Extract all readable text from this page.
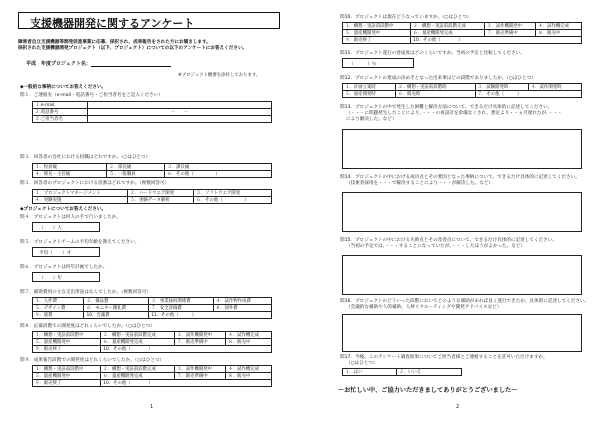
支援機器開発に関するアンケート
障害者自立支援機器等開発促進事業に応募、採択され、成果報告をされた方にお聞きします。
採択された支援機器開発プロジェクト（以下、プロジェクト）についての以下のアンケートにお答えください。
平成　年度プロジェクト名：
※プロジェクト概要を添付しております。
◆一般的な事柄についてお答えください。
問１．ご連絡先（e-mail・電話番号・ご担当者名をご記入ください）
１.e-mail	
２.電話番号	－　　－
３.ご担当者名	
問２．回答者の会社における役職はどれですか。（○はひとつ）
１．役員級	２．部長級	３．課長級
４．係長・主任級	５．一般職員	６．その他（　　　　　）
問３．回答者のプロジェクトにおける役割はどれですか。（複数回答可）
１．プロジェクトマネージメント	２．ハードウエア開発	３．ソフトウエア開発
４．実験実施	５．実験データ解析	６．その他（　　　　　）
◆プロジェクトについてお答えください。
問４．プロジェクトは何人の手で行いましたか。
（　　）人
問５．プロジェクトチームの平均年齢を教えてください。
平均（　　）才
問６．プロジェクトは何年計画でしたか。
（　　）年
問７．補助費用の主な支出用途はなんでしたか。（複数回答可）
１．人件費	２．備品費	３．事業採択関係費	４．試作物作成費
５．デザイン費	６．モニター謝礼費	７．安全評価費	８．国外費
９．旅費	10．会議費	11．その他（　　　）	
問８．応募段階での開発度はどれくらいでしたか。（○はひとつ）
１．構想・実証前段階中	２．構想・実証前段階完成	３．試作機開発中	４．試作機完成
５．量産機開発中	６．量産機開発完成	７．販売準備中	８．販売中
９．販売終了	10．その他（　　　　）		
問９．成果報告段階での開発度はどれくらいでしたか。（○はひとつ）
１．構想・実証前段階中	２．構想・実証前段階完成	３．試作機開発中	４．試作機完成
５．量産機開発中	６．量産機開発完成	７．販売準備中	８．販売中
９．販売終了	10．その他（　　　　）		
1
問10．プロジェクトは現在どうなっていますか。（○はひとつ）
１．構想・実証前段階中	２．構想・実証前段階完成	３．試作機開発中	４．試作機完成
５．量産機開発中	６．量産機開発完成	７．販売準備中	８．販売中
９．販売終了	10．その他（　　　　）		
問11．プロジェクト遂行の達成度はどのくらいですか。当初の予定と比較してください。
（　　　）％
問12．プロジェクトの達成の決め手となった出来事はどの段階でありましたか。（○はひとつ）
１．計画立案時	２．構想・実証前段階時	３．試験開発時	４．試作開発時
５．量産開発時	６．販売時	７．その他（　　　）	
問13．プロジェクトの中で発生した困難と解決方法について、できるだけ具体的に記述してください。
（・・・に問題発生したことにより、・・・の再設計を余儀なくされ、想定より・・ヵ月遅れたが、・・・
により解決した。など）
問14．プロジェクトの中における成功点とその要因となった事柄について、できるだけ具体的に記述してください。
（技術者採用を・・・で解決することにより・・・が解決した。など）
問15．プロジェクトの中における失敗点とその改善点について、できるだけ具体的に記述してください。
（当初の予定では、・・・することになっていたが、・・・したほうがよかった。など）
問16．プロジェクトのどういった段階においてどのような補助があれば良く遂行できたか、具体的に記述してください。
（会議的な補助や人的補助、人材リクルーティングや開発アドバイスなど）
問17．今後、このアンケート調査結果についてご担当者様とご連絡することを許可いただけますか。
（○はひとつ）
１．はい	２．いいえ
～お忙しい中、ご協力いただきましてありがとうございました～
2
